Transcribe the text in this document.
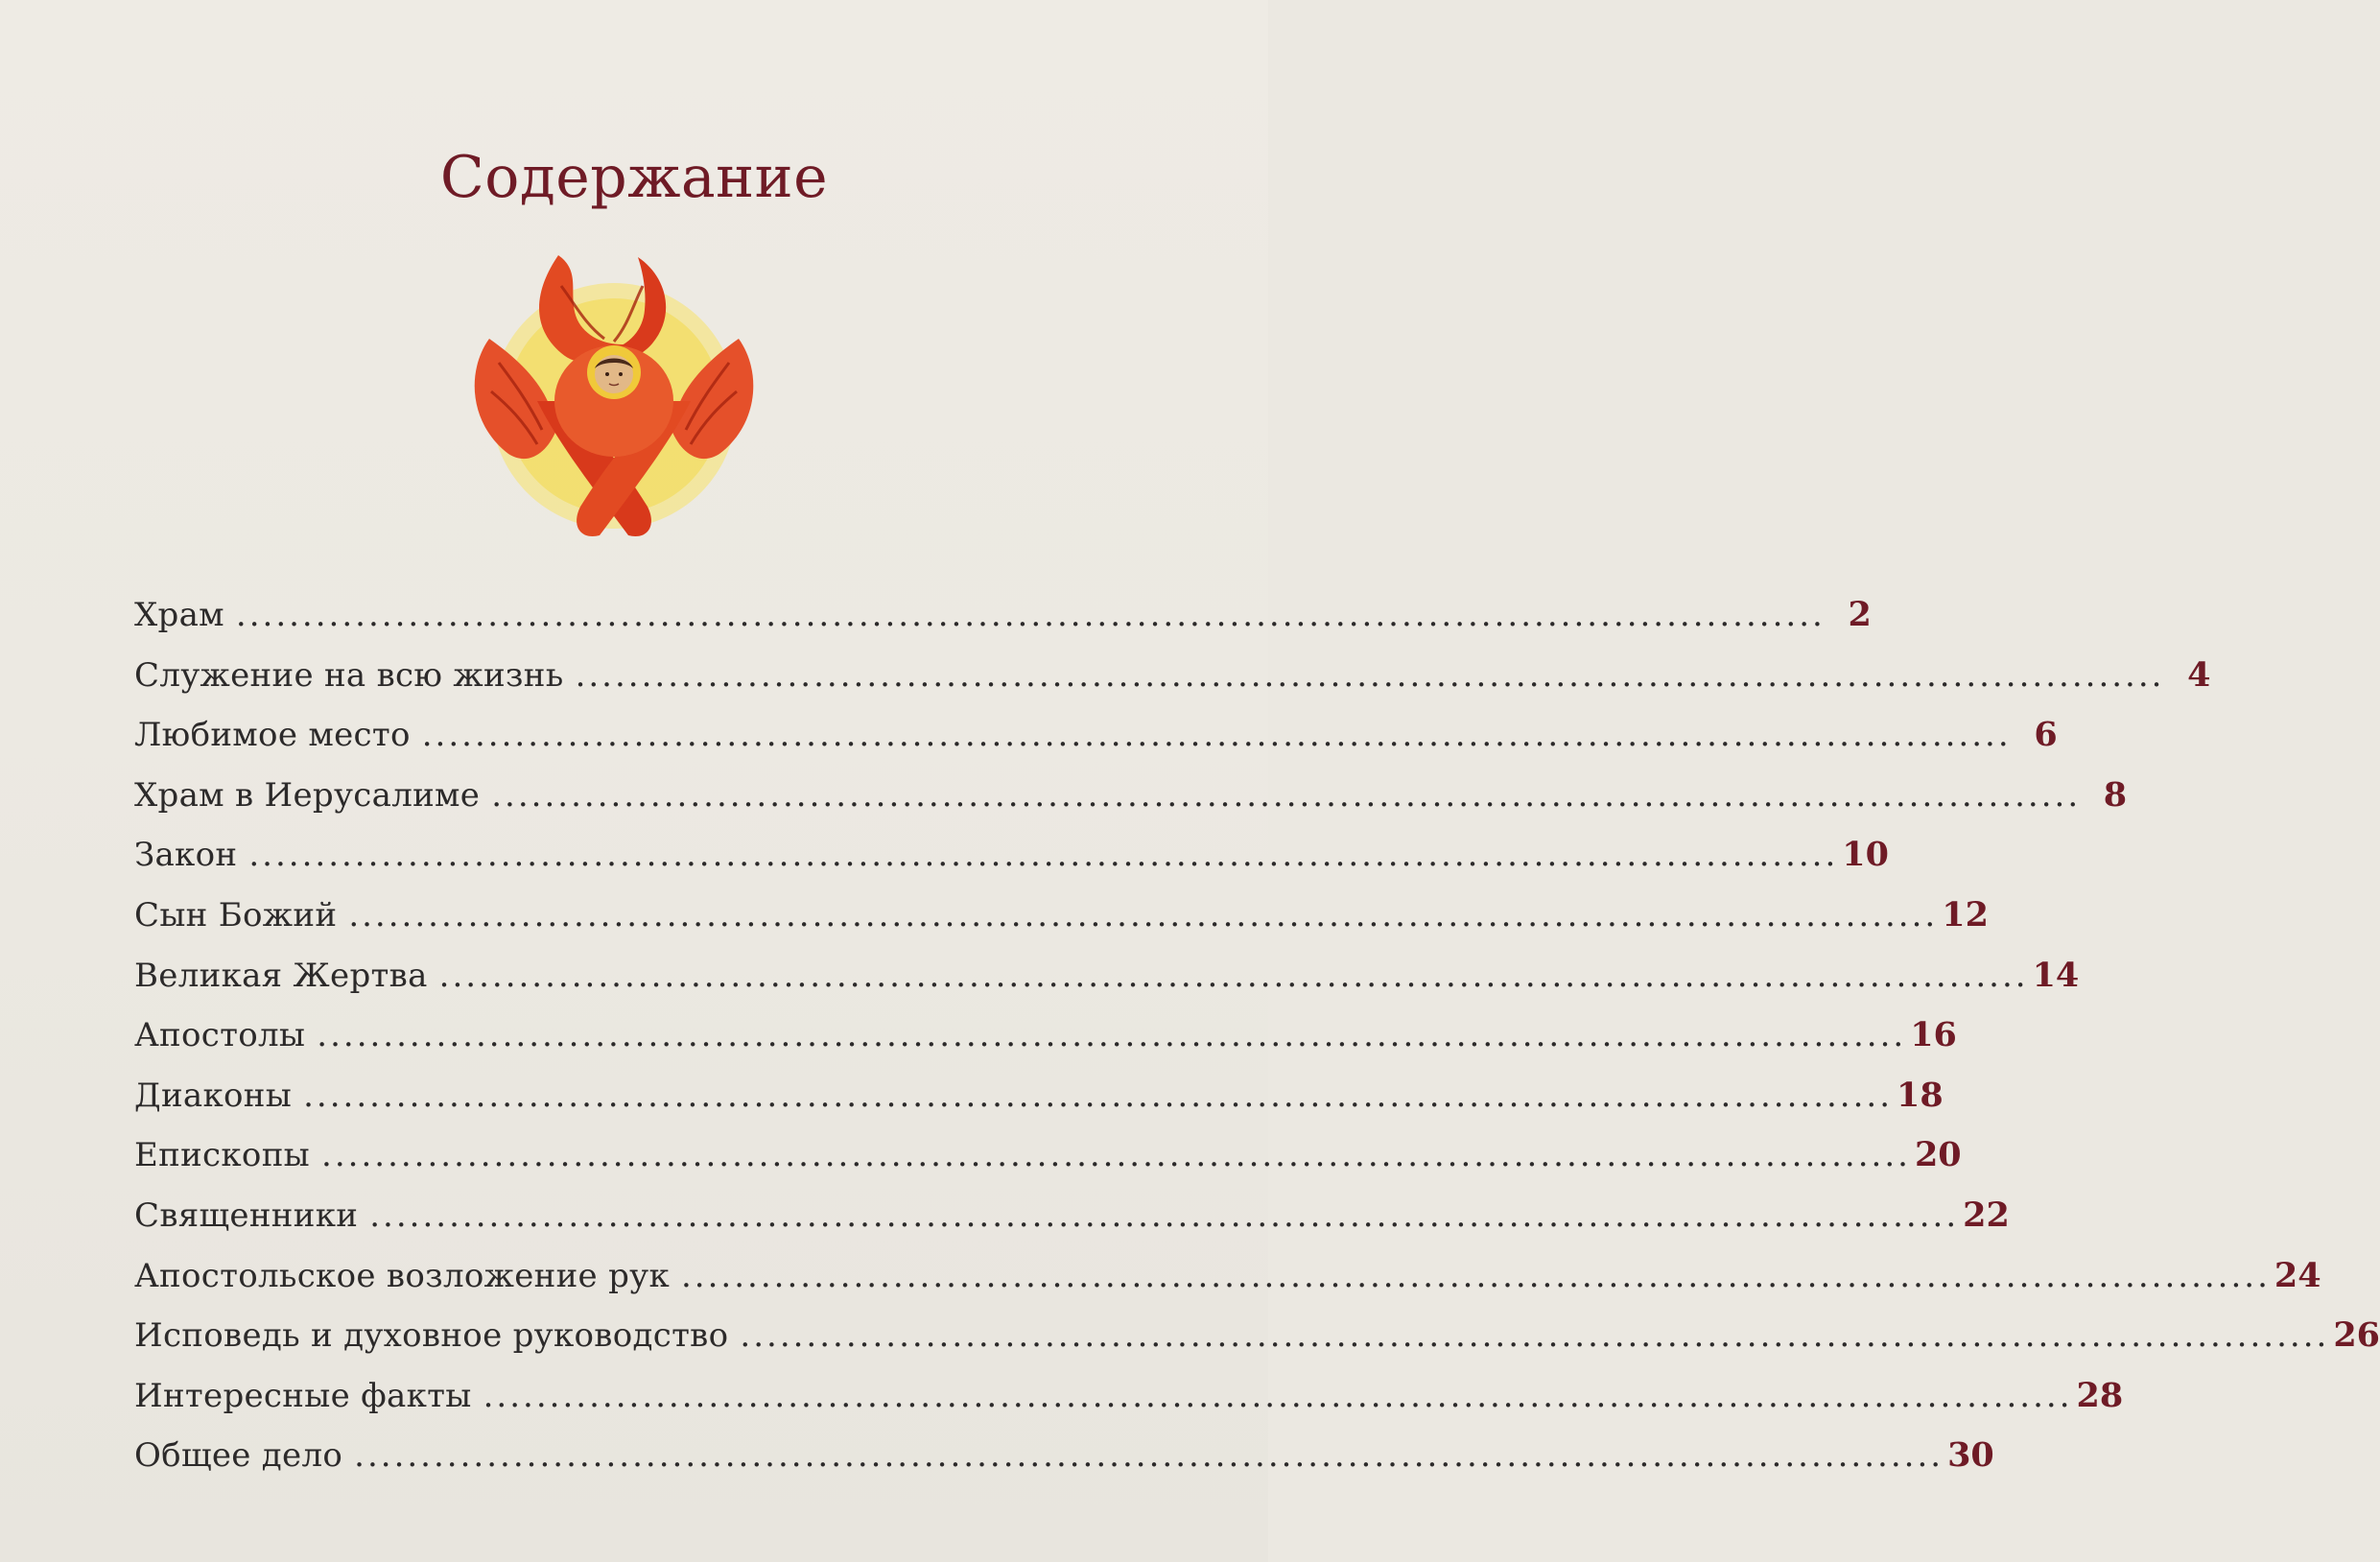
Содержание
Храм ........................................................................................................................ 2
Служение на всю жизнь ........................................................................................................................ 4
Любимое место ........................................................................................................................ 6
Храм в Иерусалиме ........................................................................................................................ 8
Закон ........................................................................................................................ 10
Сын Божий ........................................................................................................................ 12
Великая Жертва ........................................................................................................................ 14
Апостолы ........................................................................................................................ 16
Диаконы ........................................................................................................................ 18
Епископы ........................................................................................................................ 20
Священники ........................................................................................................................ 22
Апостольское возложение рук ........................................................................................................................ 24
Исповедь и духовное руководство ........................................................................................................................ 26
Интересные факты ........................................................................................................................ 28
Общее дело ........................................................................................................................ 30
